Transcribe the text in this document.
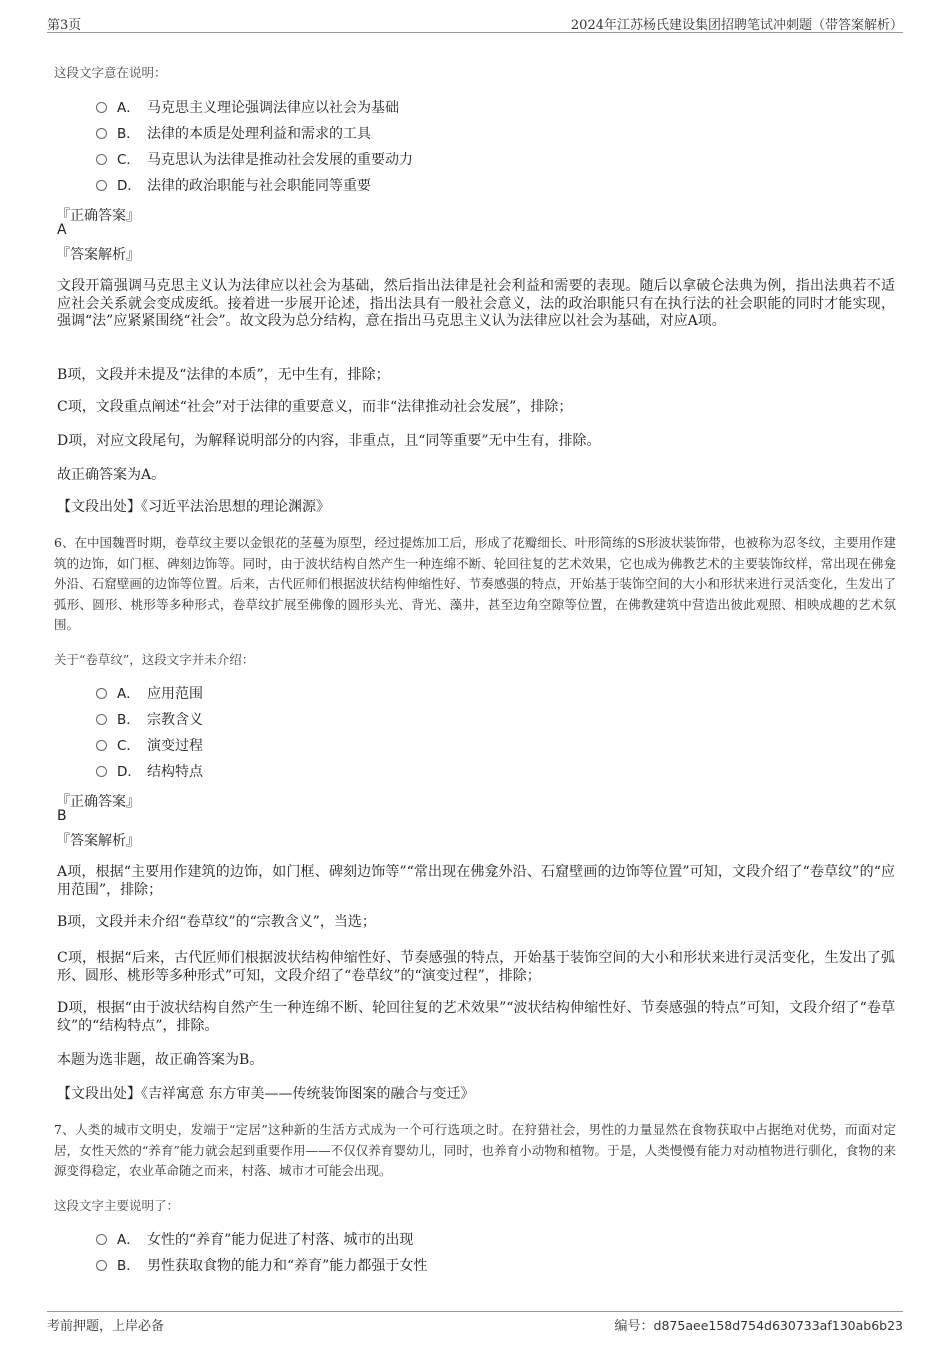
第3页	2024年江苏杨氏建设集团招聘笔试冲刺题（带答案解析）
这段文字意在说明：
A． 马克思主义理论强调法律应以社会为基础
B． 法律的本质是处理利益和需求的工具
C． 马克思认为法律是推动社会发展的重要动力
D． 法律的政治职能与社会职能同等重要
『正确答案』
A
『答案解析』
文段开篇强调马克思主义认为法律应以社会为基础，然后指出法律是社会利益和需要的表现。随后以拿破仑法典为例，指出法典若不适应社会关系就会变成废纸。接着进一步展开论述，指出法具有一般社会意义，法的政治职能只有在执行法的社会职能的同时才能实现，强调“法”应紧紧围绕“社会”。故文段为总分结构，意在指出马克思主义认为法律应以社会为基础，对应A项。
B项，文段并未提及“法律的本质”，无中生有，排除；
C项，文段重点阐述“社会”对于法律的重要意义，而非“法律推动社会发展”，排除；
D项，对应文段尾句，为解释说明部分的内容，非重点，且“同等重要”无中生有，排除。
故正确答案为A。
【文段出处】《习近平法治思想的理论渊源》
6、在中国魏晋时期，卷草纹主要以金银花的茎蔓为原型，经过提炼加工后，形成了花瓣细长、叶形简练的S形波状装饰带，也被称为忍冬纹，主要用作建筑的边饰，如门框、碑刻边饰等。同时，由于波状结构自然产生一种连绵不断、轮回往复的艺术效果，它也成为佛教艺术的主要装饰纹样，常出现在佛龛外沿、石窟壁画的边饰等位置。后来，古代匠师们根据波状结构伸缩性好、节奏感强的特点，开始基于装饰空间的大小和形状来进行灵活变化，生发出了弧形、圆形、桃形等多种形式，卷草纹扩展至佛像的圆形头光、背光、藻井，甚至边角空隙等位置，在佛教建筑中营造出彼此观照、相映成趣的艺术氛围。
关于“卷草纹”，这段文字并未介绍：
A． 应用范围
B． 宗教含义
C． 演变过程
D． 结构特点
『正确答案』
B
『答案解析』
A项，根据“主要用作建筑的边饰，如门框、碑刻边饰等”“常出现在佛龛外沿、石窟壁画的边饰等位置”可知，文段介绍了“卷草纹”的“应用范围”，排除；
B项，文段并未介绍“卷草纹”的“宗教含义”，当选；
C项，根据“后来，古代匠师们根据波状结构伸缩性好、节奏感强的特点，开始基于装饰空间的大小和形状来进行灵活变化，生发出了弧形、圆形、桃形等多种形式”可知，文段介绍了“卷草纹”的“演变过程”，排除；
D项，根据“由于波状结构自然产生一种连绵不断、轮回往复的艺术效果”“波状结构伸缩性好、节奏感强的特点”可知，文段介绍了“卷草纹”的“结构特点”，排除。
本题为选非题，故正确答案为B。
【文段出处】《吉祥寓意 东方审美——传统装饰图案的融合与变迁》
7、人类的城市文明史，发端于“定居”这种新的生活方式成为一个可行选项之时。在狩猎社会，男性的力量显然在食物获取中占据绝对优势，而面对定居，女性天然的“养育”能力就会起到重要作用——不仅仅养育婴幼儿，同时，也养育小动物和植物。于是，人类慢慢有能力对动植物进行驯化，食物的来源变得稳定，农业革命随之而来，村落、城市才可能会出现。
这段文字主要说明了：
A． 女性的“养育”能力促进了村落、城市的出现
B． 男性获取食物的能力和“养育”能力都强于女性
考前押题，上岸必备	编号：d875aee158d754d630733af130ab6b23
